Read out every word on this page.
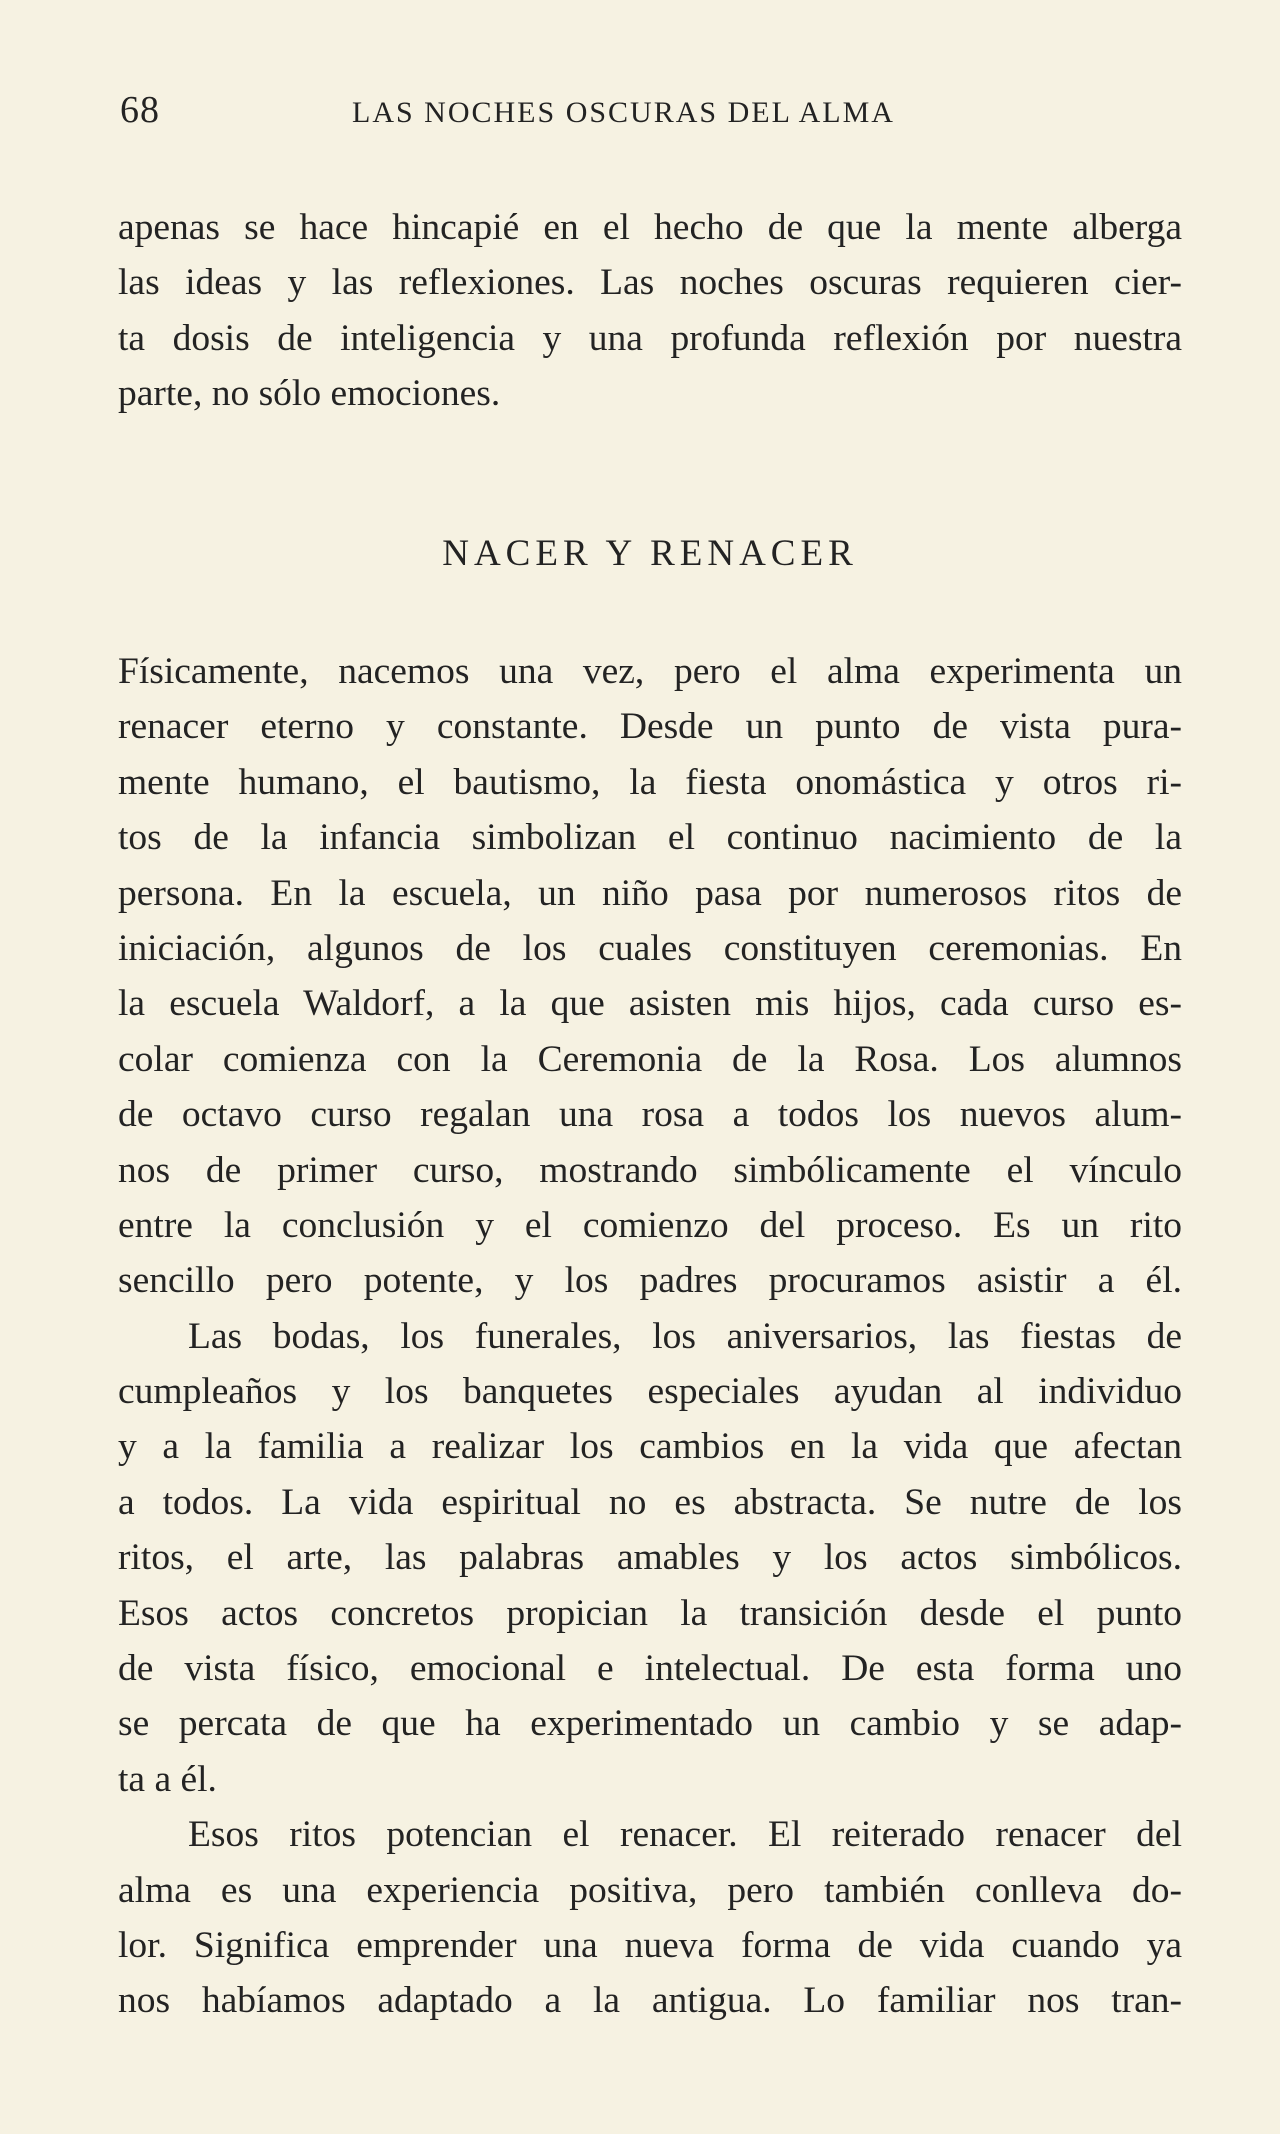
68	LAS NOCHES OSCURAS DEL ALMA
apenas se hace hincapié en el hecho de que la mente alberga
las ideas y las reflexiones. Las noches oscuras requieren cier-
ta dosis de inteligencia y una profunda reflexión por nuestra
parte, no sólo emociones.
NACER Y RENACER
Físicamente, nacemos una vez, pero el alma experimenta un
renacer eterno y constante. Desde un punto de vista pura-
mente humano, el bautismo, la fiesta onomástica y otros ri-
tos de la infancia simbolizan el continuo nacimiento de la
persona. En la escuela, un niño pasa por numerosos ritos de
iniciación, algunos de los cuales constituyen ceremonias. En
la escuela Waldorf, a la que asisten mis hijos, cada curso es-
colar comienza con la Ceremonia de la Rosa. Los alumnos
de octavo curso regalan una rosa a todos los nuevos alum-
nos de primer curso, mostrando simbólicamente el vínculo
entre la conclusión y el comienzo del proceso. Es un rito
sencillo pero potente, y los padres procuramos asistir a él.
Las bodas, los funerales, los aniversarios, las fiestas de
cumpleaños y los banquetes especiales ayudan al individuo
y a la familia a realizar los cambios en la vida que afectan
a todos. La vida espiritual no es abstracta. Se nutre de los
ritos, el arte, las palabras amables y los actos simbólicos.
Esos actos concretos propician la transición desde el punto
de vista físico, emocional e intelectual. De esta forma uno
se percata de que ha experimentado un cambio y se adap-
ta a él.
Esos ritos potencian el renacer. El reiterado renacer del
alma es una experiencia positiva, pero también conlleva do-
lor. Significa emprender una nueva forma de vida cuando ya
nos habíamos adaptado a la antigua. Lo familiar nos tran-
